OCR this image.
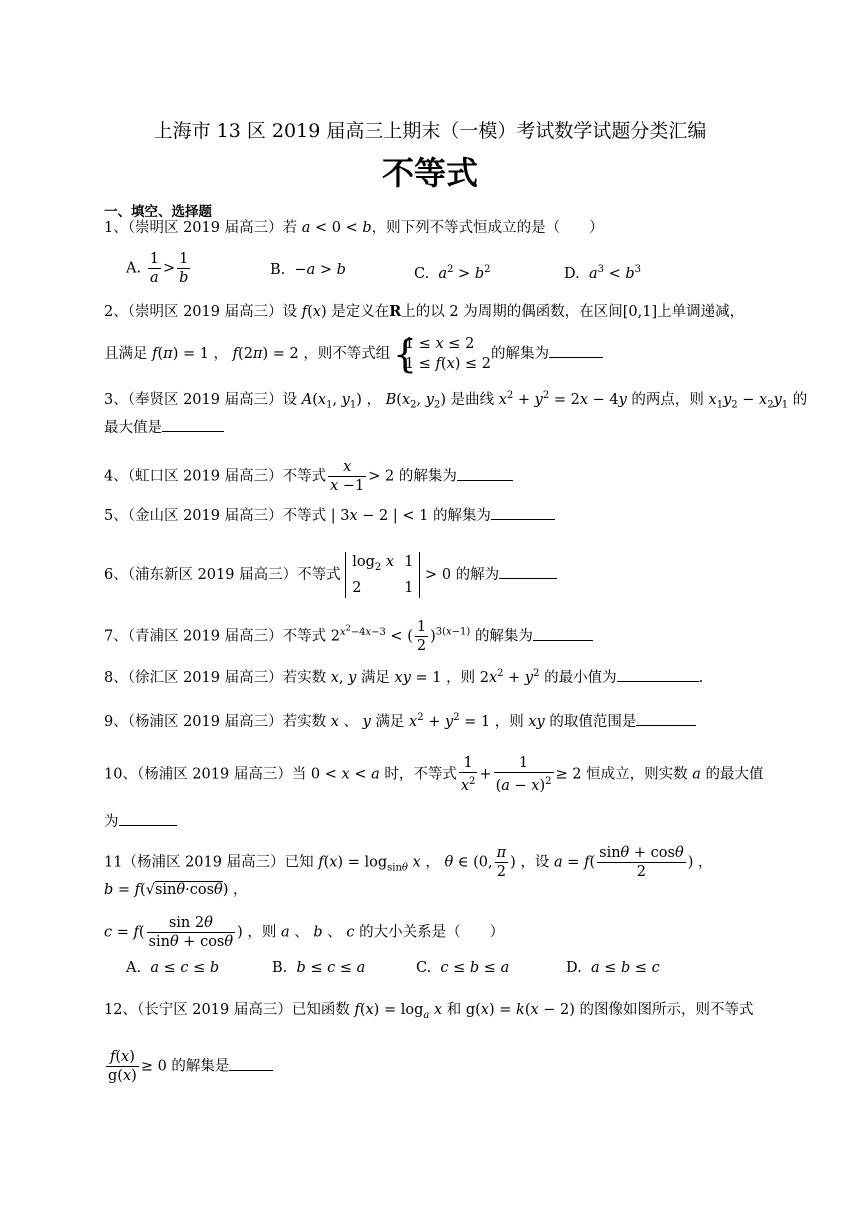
上海市 13 区 2019 届高三上期末（一模）考试数学试题分类汇编
不等式
一、填空、选择题
1、（崇明区 2019 届高三）若 a < 0 < b，则下列不等式恒成立的是（　　）
A. $\frac{1}{a} > \frac{1}{b}$	B.  −a > b	C. $a^2 > b^2$	D. $a^3 < b^3$
2、（崇明区 2019 届高三）设 f(x) 是定义在R上的以 2 为周期的偶函数，在区间[0,1]上单调递减，
且满足 f(π) = 1 ， f(2π) = 2 ，则不等式组
{ 1 ≤ x ≤ 2
1 ≤ f(x) ≤ 2
的解集为
3、（奉贤区 2019 届高三）设 $A(x_1$, $y_1$) ， $B(x_2$, $y_2$) 是曲线 $x^2 + y^2 = 2x - 4y$ 的两点，则 $x_1y_2 - x_2y_1$ 的
最大值是
4、（虹口区 2019 届高三）不等式 $\frac{x}{x -1} > 2$ 的解集为
5、（金山区 2019 届高三）不等式 | 3x − 2 | < 1 的解集为
6、（浦东新区 2019 届高三）不等式
$\log_2 x$ 1
2	1
> 0 的解为
7、（青浦区 2019 届高三）不等式 $2^{x^2-4x-3}$ < ( $\frac{1}{2} )^{3(x-1)}$ 的解集为
8、（徐汇区 2019 届高三）若实数 x, y 满足 xy = 1 ，则 $2x^2 + y^2$ 的最小值为	.
9、（杨浦区 2019 届高三）若实数 x 、 y 满足 $x^2 + y^2 = 1$ ，则 xy 的取值范围是
10、（杨浦区 2019 届高三）当 0 < x < a 时，不等式 $\frac{1}{x^2} + \frac{1}{(a - x)^2} \ge 2$ 恒成立，则实数 a 的最大值
为
11（杨浦区 2019 届高三）已知 $f(x) = \log_{sin\theta} x$ ， θ ∈ (0, $\frac{\pi}{2}$ ) ，设 $a = f( \frac{\sin\theta + \cos\theta}{2}$ ) ，
b = f(√sinθ·cosθ) ，
$c = f( \frac{\sin 2\theta}{\sin\theta + \cos\theta}$ ) ，则 a 、 b 、 c 的大小关系是（　　）
A. a ≤ c ≤ b	B. b ≤ c ≤ a	C. c ≤ b ≤ a	D. a ≤ b ≤ c
12、（长宁区 2019 届高三）已知函数 $f(x) = \log_a x$ 和 g(x) = k(x − 2) 的图像如图所示，则不等式
$\frac{f(x)}{g(x)} \ge 0$ 的解集是
